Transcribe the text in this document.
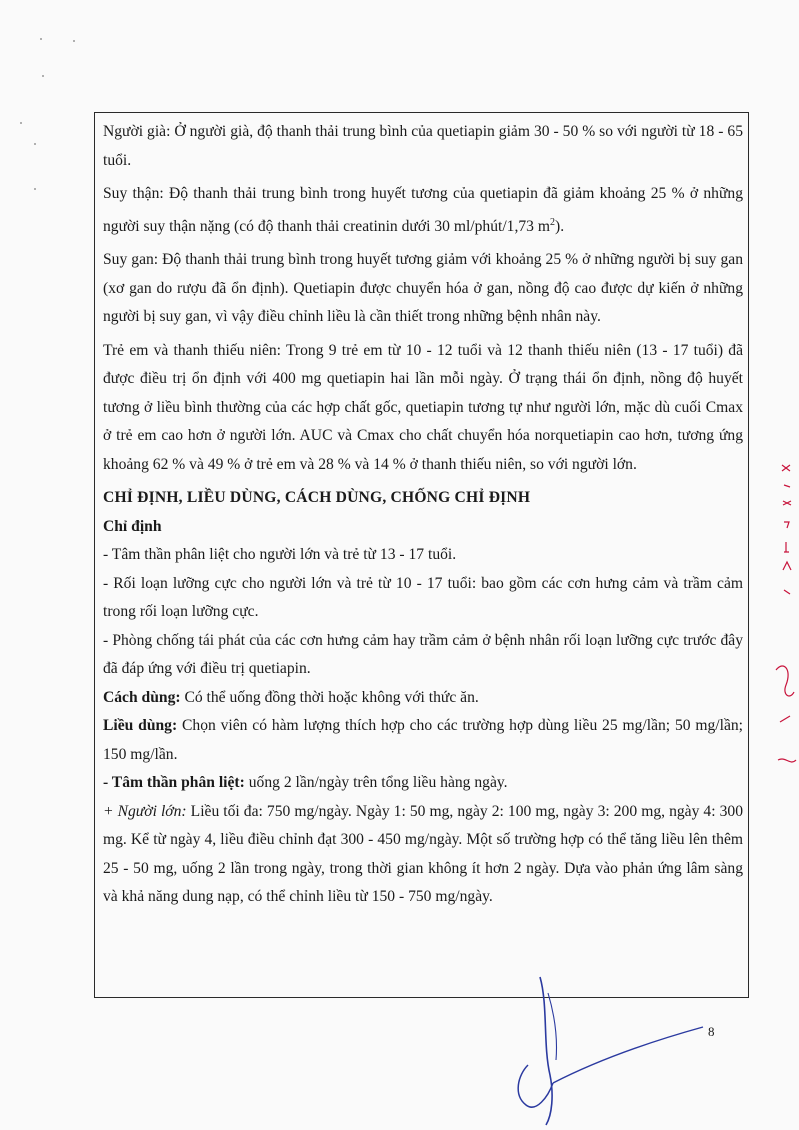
Người già: Ở người già, độ thanh thải trung bình của quetiapin giảm 30 - 50 % so với người từ 18 - 65 tuổi.

Suy thận: Độ thanh thải trung bình trong huyết tương của quetiapin đã giảm khoảng 25 % ở những người suy thận nặng (có độ thanh thải creatinin dưới 30 ml/phút/1,73 $m^2$).

Suy gan: Độ thanh thải trung bình trong huyết tương giảm với khoảng 25 % ở những người bị suy gan (xơ gan do rượu đã ổn định). Quetiapin được chuyển hóa ở gan, nồng độ cao được dự kiến ở những người bị suy gan, vì vậy điều chỉnh liều là cần thiết trong những bệnh nhân này.

Trẻ em và thanh thiếu niên: Trong 9 trẻ em từ 10 - 12 tuổi và 12 thanh thiếu niên (13 - 17 tuổi) đã được điều trị ổn định với 400 mg quetiapin hai lần mỗi ngày. Ở trạng thái ổn định, nồng độ huyết tương ở liều bình thường của các hợp chất gốc, quetiapin tương tự như người lớn, mặc dù cuối Cmax ở trẻ em cao hơn ở người lớn. AUC và Cmax cho chất chuyển hóa norquetiapin cao hơn, tương ứng khoảng 62 % và 49 % ở trẻ em và 28 % và 14 % ở thanh thiếu niên, so với người lớn.

CHỈ ĐỊNH, LIỀU DÙNG, CÁCH DÙNG, CHỐNG CHỈ ĐỊNH

Chỉ định

- Tâm thần phân liệt cho người lớn và trẻ từ 13 - 17 tuổi.

- Rối loạn lưỡng cực cho người lớn và trẻ từ 10 - 17 tuổi: bao gồm các cơn hưng cảm và trầm cảm trong rối loạn lưỡng cực.

- Phòng chống tái phát của các cơn hưng cảm hay trầm cảm ở bệnh nhân rối loạn lưỡng cực trước đây đã đáp ứng với điều trị quetiapin.

Cách dùng: Có thể uống đồng thời hoặc không với thức ăn.

Liều dùng: Chọn viên có hàm lượng thích hợp cho các trường hợp dùng liều 25 mg/lần; 50 mg/lần; 150 mg/lần.

- Tâm thần phân liệt: uống 2 lần/ngày trên tổng liều hàng ngày.

+ Người lớn: Liều tối đa: 750 mg/ngày. Ngày 1: 50 mg, ngày 2: 100 mg, ngày 3: 200 mg, ngày 4: 300 mg. Kể từ ngày 4, liều điều chỉnh đạt 300 - 450 mg/ngày. Một số trường hợp có thể tăng liều lên thêm 25 - 50 mg, uống 2 lần trong ngày, trong thời gian không ít hơn 2 ngày. Dựa vào phản ứng lâm sàng và khả năng dung nạp, có thể chỉnh liều từ 150 - 750 mg/ngày.

8
